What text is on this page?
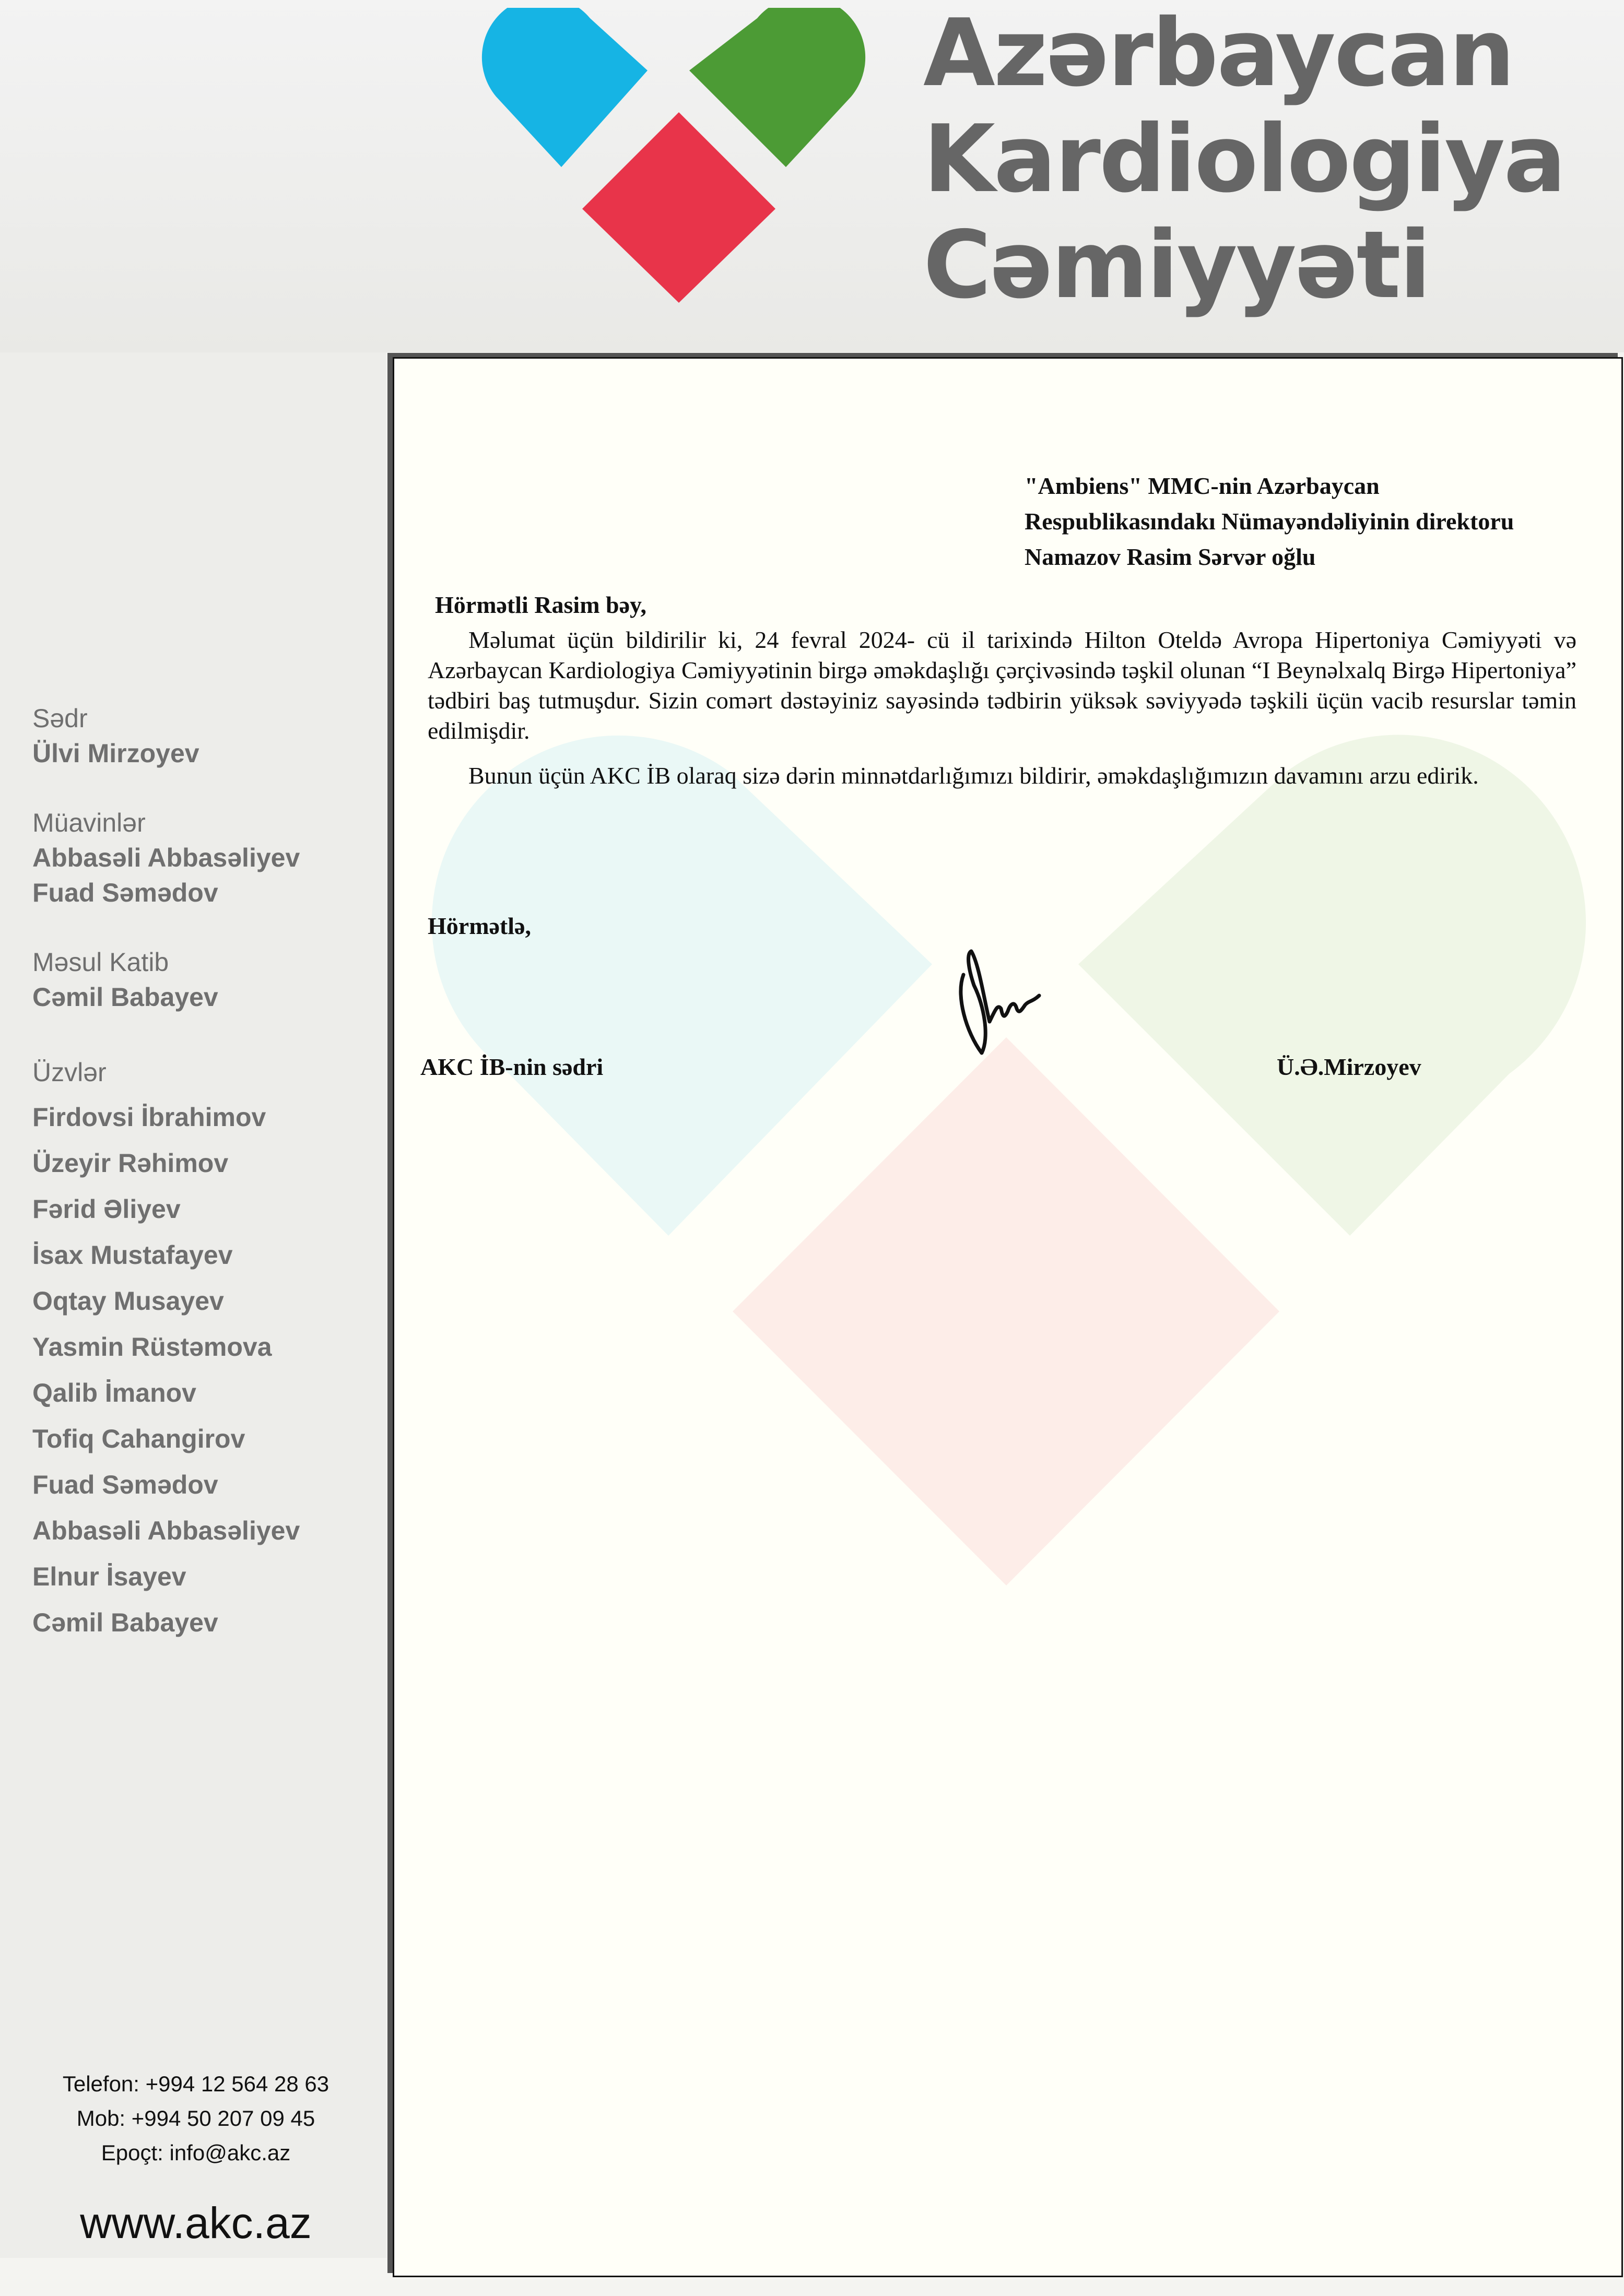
Azərbaycan
Kardiologiya
Cəmiyyəti
Sədr
Ülvi Mirzoyev
Müavinlər
Abbasəli Abbasəliyev
Fuad Səmədov
Məsul Katib
Cəmil Babayev
Üzvlər
Firdovsi İbrahimov
Üzeyir Rəhimov
Fərid Əliyev
İsax Mustafayev
Oqtay Musayev
Yasmin Rüstəmova
Qalib İmanov
Tofiq Cahangirov
Fuad Səmədov
Abbasəli Abbasəliyev
Elnur İsayev
Cəmil Babayev
Telefon: +994 12 564 28 63
Mob: +994 50 207 09 45
Epoçt: info@akc.az
www.akc.az
"Ambiens" MMC-nin Azərbaycan
Respublikasındakı Nümayəndəliyinin direktoru
Namazov Rasim Sərvər oğlu
Hörmətli Rasim bəy,

Məlumat üçün bildirilir ki, 24 fevral 2024- cü il tarixində Hilton Oteldə Avropa Hipertoniya Cəmiyyəti və Azərbaycan Kardiologiya Cəmiyyətinin birgə əməkdaşlığı çərçivəsində təşkil olunan “I Beynəlxalq Birgə Hipertoniya” tədbiri baş tutmuşdur. Sizin comərt dəstəyiniz sayəsində tədbirin yüksək səviyyədə təşkili üçün vacib resurslar təmin edilmişdir.

Bunun üçün AKC İB olaraq sizə dərin minnətdarlığımızı bildirir, əməkdaşlığımızın davamını arzu edirik.

Hörmətlə,
AKC İB-nin sədri	Ü.Ə.Mirzoyev
